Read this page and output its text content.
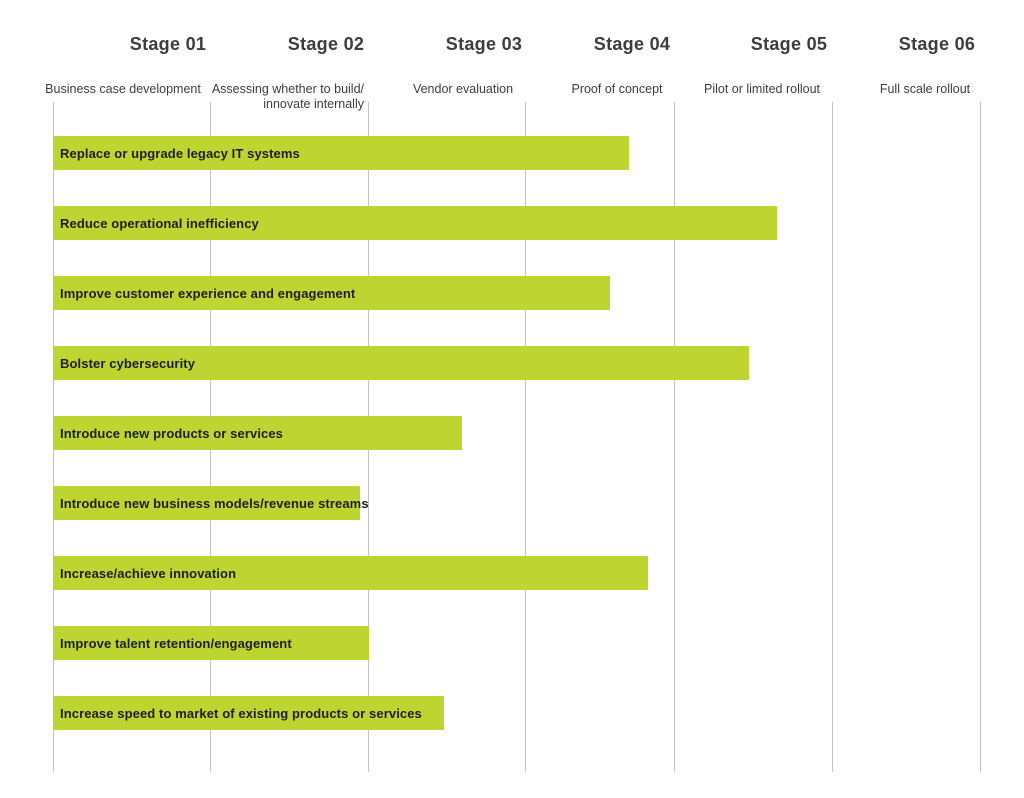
Stage 01
Business case development
Stage 02
Assessing whether to build/
innovate internally
Stage 03
Vendor evaluation
Stage 04
Proof of concept
Stage 05
Pilot or limited rollout
Stage 06
Full scale rollout
Replace or upgrade legacy IT systems
Reduce operational inefficiency
Improve customer experience and engagement
Bolster cybersecurity
Introduce new products or services
Introduce new business models/revenue streams
Increase/achieve innovation
Improve talent retention/engagement
Increase speed to market of existing products or services
